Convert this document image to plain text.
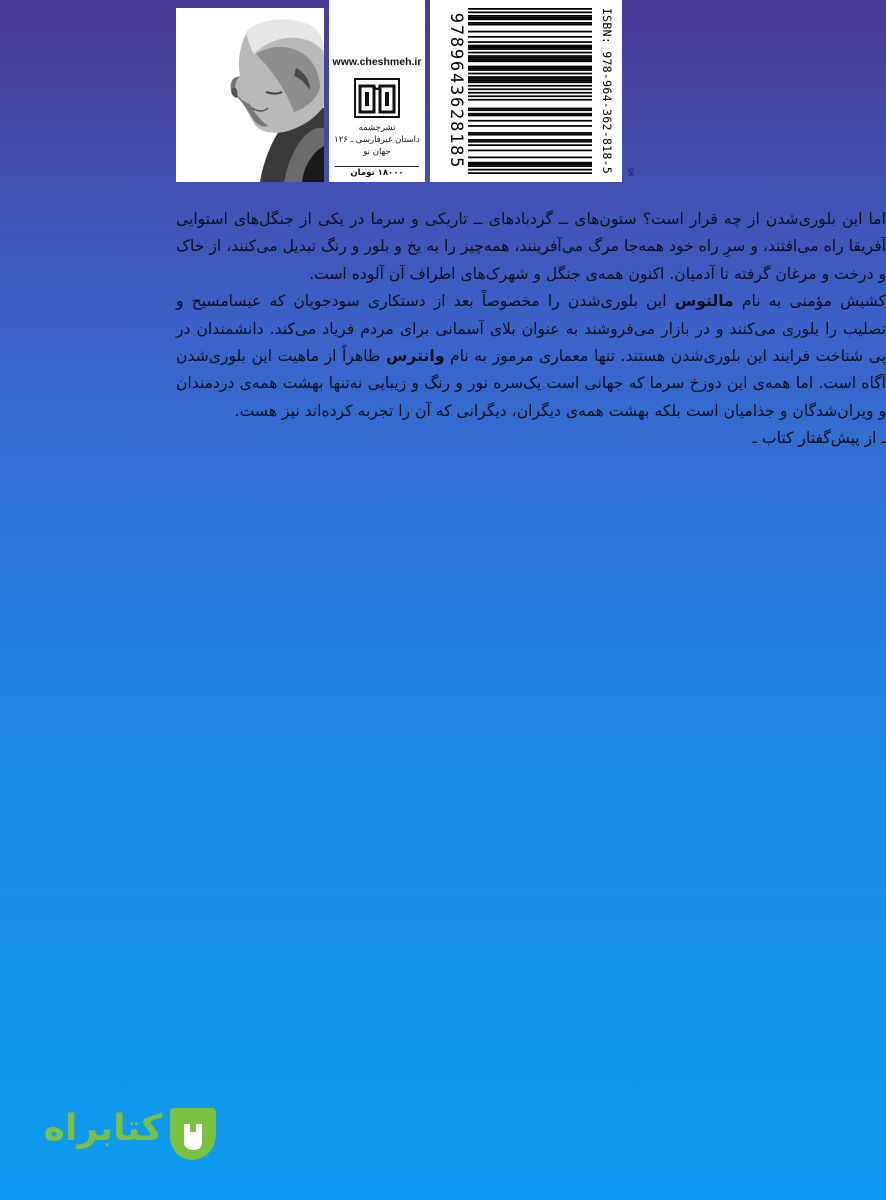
www.cheshmeh.ir
نشرچشمه
داستان‌ غیرفارسی ـ ۱۲۶
جهان‌ نو
۱۸۰۰۰ تومان	ISBN: 978-964-362-818-5
9789643628185
SR

اما این بلوری‌شدن از چه قرار است؟ ستون‌های ــ گردبادهای ــ تاریکی و سرما در یکی از جنگل‌های استوایی آفریقا راه می‌افتند، و سرِ راه خود همه‌جا مرگ می‌آفرینند، همه‌چیز را به یخ و بلور و رنگ تبدیل می‌کنند، از خاک و درخت و مرغان گرفته تا آدمیان. اکنون همه‌ی جنگل و شهرک‌های اطراف آن آلوده است.

کشیش مؤمنی به نام مالتوس این بلوری‌شدن را مخصوصاً بعد از دستکاری سودجویان که عیسامسیح و تصلیب را بلوری می‌کنند و در بازار می‌فروشند به عنوان بلای آسمانی برای مردم فریاد می‌کند. دانشمندان در پی شناخت فرایند این بلوری‌شدن هستند. تنها معماری مرموز به نام وانترس ظاهراً از ماهیت این بلوری‌شدن آگاه است. اما همه‌ی این دوزخ سرما که جهانی است یک‌سره نور و رنگ و زیبایی نه‌تنها بهشت همه‌ی دردمندان و ویران‌شدگان و جذامیان است بلکه بهشت همه‌ی دیگران، دیگرانی که آن را تجربه کرده‌اند نیز هست.

ـ از پیش‌گفتار کتاب ـ

کتابراه
